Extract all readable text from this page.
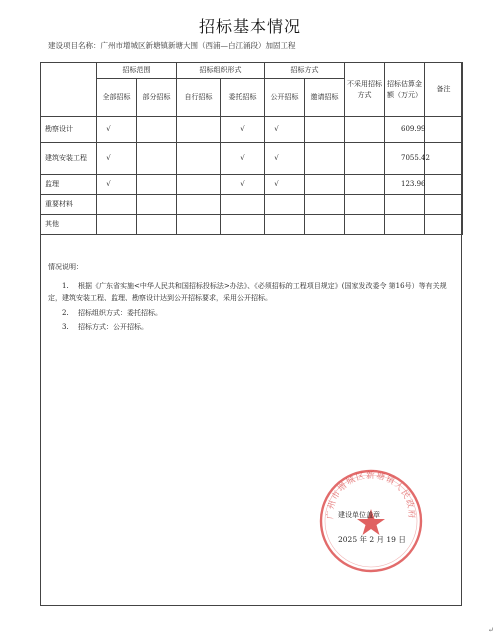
招标基本情况
建设项目名称：广州市增城区新塘镇新塘大围（西浦—白江涌段）加固工程
	招标范围		招标组织形式		招标方式		不采用招标方式	招标估算金额（万元）	备注
	全部招标	部分招标	自行招标	委托招标	公开招标	邀请招标			
勘察设计	√			√	√			609.99	
建筑安装工程	√			√	√			7055.42	
监理	√			√	√			123.96	
重要材料									
其他									
情况说明：
1. 根据《广东省实施<中华人民共和国招标投标法>办法》、《必须招标的工程项目规定》(国家发改委令 第16号）等有关规定，建筑安装工程、监理、勘察设计达到公开招标要求，采用公开招标。
2. 招标组织方式：委托招标。
3. 招标方式：公开招标。
广州市增城区新塘镇人民政府
建设单位盖章
2025 年 2 月 19 日
↵
